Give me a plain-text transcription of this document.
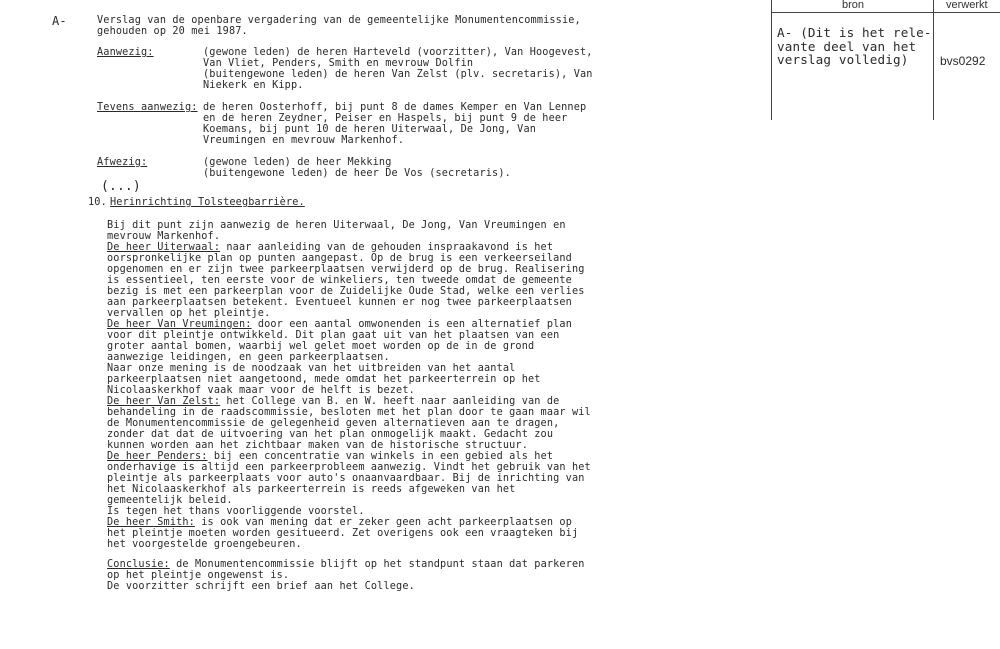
A-	Verslag van de openbare vergadering van de gemeentelijke Monumentencommissie,
gehouden op 20 mei 1987.
Aanwezig:	(gewone leden) de heren Harteveld (voorzitter), Van Hoogevest,
Van Vliet, Penders, Smith en mevrouw Dolfin
(buitengewone leden) de heren Van Zelst (plv. secretaris), Van
Niekerk en Kipp.
Tevens aanwezig: de heren Oosterhoff, bij punt 8 de dames Kemper en Van Lennep
en de heren Zeydner, Peiser en Haspels, bij punt 9 de heer
Koemans, bij punt 10 de heren Uiterwaal, De Jong, Van
Vreumingen en mevrouw Markenhof.
Afwezig:	(gewone leden) de heer Mekking
(buitengewone leden) de heer De Vos (secretaris).
(...)
10. Herinrichting Tolsteegbarrière.
Bij dit punt zijn aanwezig de heren Uiterwaal, De Jong, Van Vreumingen en
mevrouw Markenhof.
De heer Uiterwaal: naar aanleiding van de gehouden inspraakavond is het
oorspronkelijke plan op punten aangepast. Op de brug is een verkeerseiland
opgenomen en er zijn twee parkeerplaatsen verwijderd op de brug. Realisering
is essentieel, ten eerste voor de winkeliers, ten tweede omdat de gemeente
bezig is met een parkeerplan voor de Zuidelijke Oude Stad, welke een verlies
aan parkeerplaatsen betekent. Eventueel kunnen er nog twee parkeerplaatsen
vervallen op het pleintje.
De heer Van Vreumingen: door een aantal omwonenden is een alternatief plan
voor dit pleintje ontwikkeld. Dit plan gaat uit van het plaatsen van een
groter aantal bomen, waarbij wel gelet moet worden op de in de grond
aanwezige leidingen, en geen parkeerplaatsen.
Naar onze mening is de noodzaak van het uitbreiden van het aantal
parkeerplaatsen niet aangetoond, mede omdat het parkeerterrein op het
Nicolaaskerkhof vaak maar voor de helft is bezet.
De heer Van Zelst: het College van B. en W. heeft naar aanleiding van de
behandeling in de raadscommissie, besloten met het plan door te gaan maar wil
de Monumentencommissie de gelegenheid geven alternatieven aan te dragen,
zonder dat dat de uitvoering van het plan onmogelijk maakt. Gedacht zou
kunnen worden aan het zichtbaar maken van de historische structuur.
De heer Penders: bij een concentratie van winkels in een gebied als het
onderhavige is altijd een parkeerprobleem aanwezig. Vindt het gebruik van het
pleintje als parkeerplaats voor auto's onaanvaardbaar. Bij de inrichting van
het Nicolaaskerkhof als parkeerterrein is reeds afgeweken van het
gemeentelijk beleid.
Is tegen het thans voorliggende voorstel.
De heer Smith: is ook van mening dat er zeker geen acht parkeerplaatsen op
het pleintje moeten worden gesitueerd. Zet overigens ook een vraagteken bij
het voorgestelde groengebeuren.
Conclusie: de Monumentencommissie blijft op het standpunt staan dat parkeren
op het pleintje ongewenst is.
De voorzitter schrijft een brief aan het College.
bron	verwerkt
A- (Dit is het rele-
vante deel van het
verslag volledig)	bvs0292
